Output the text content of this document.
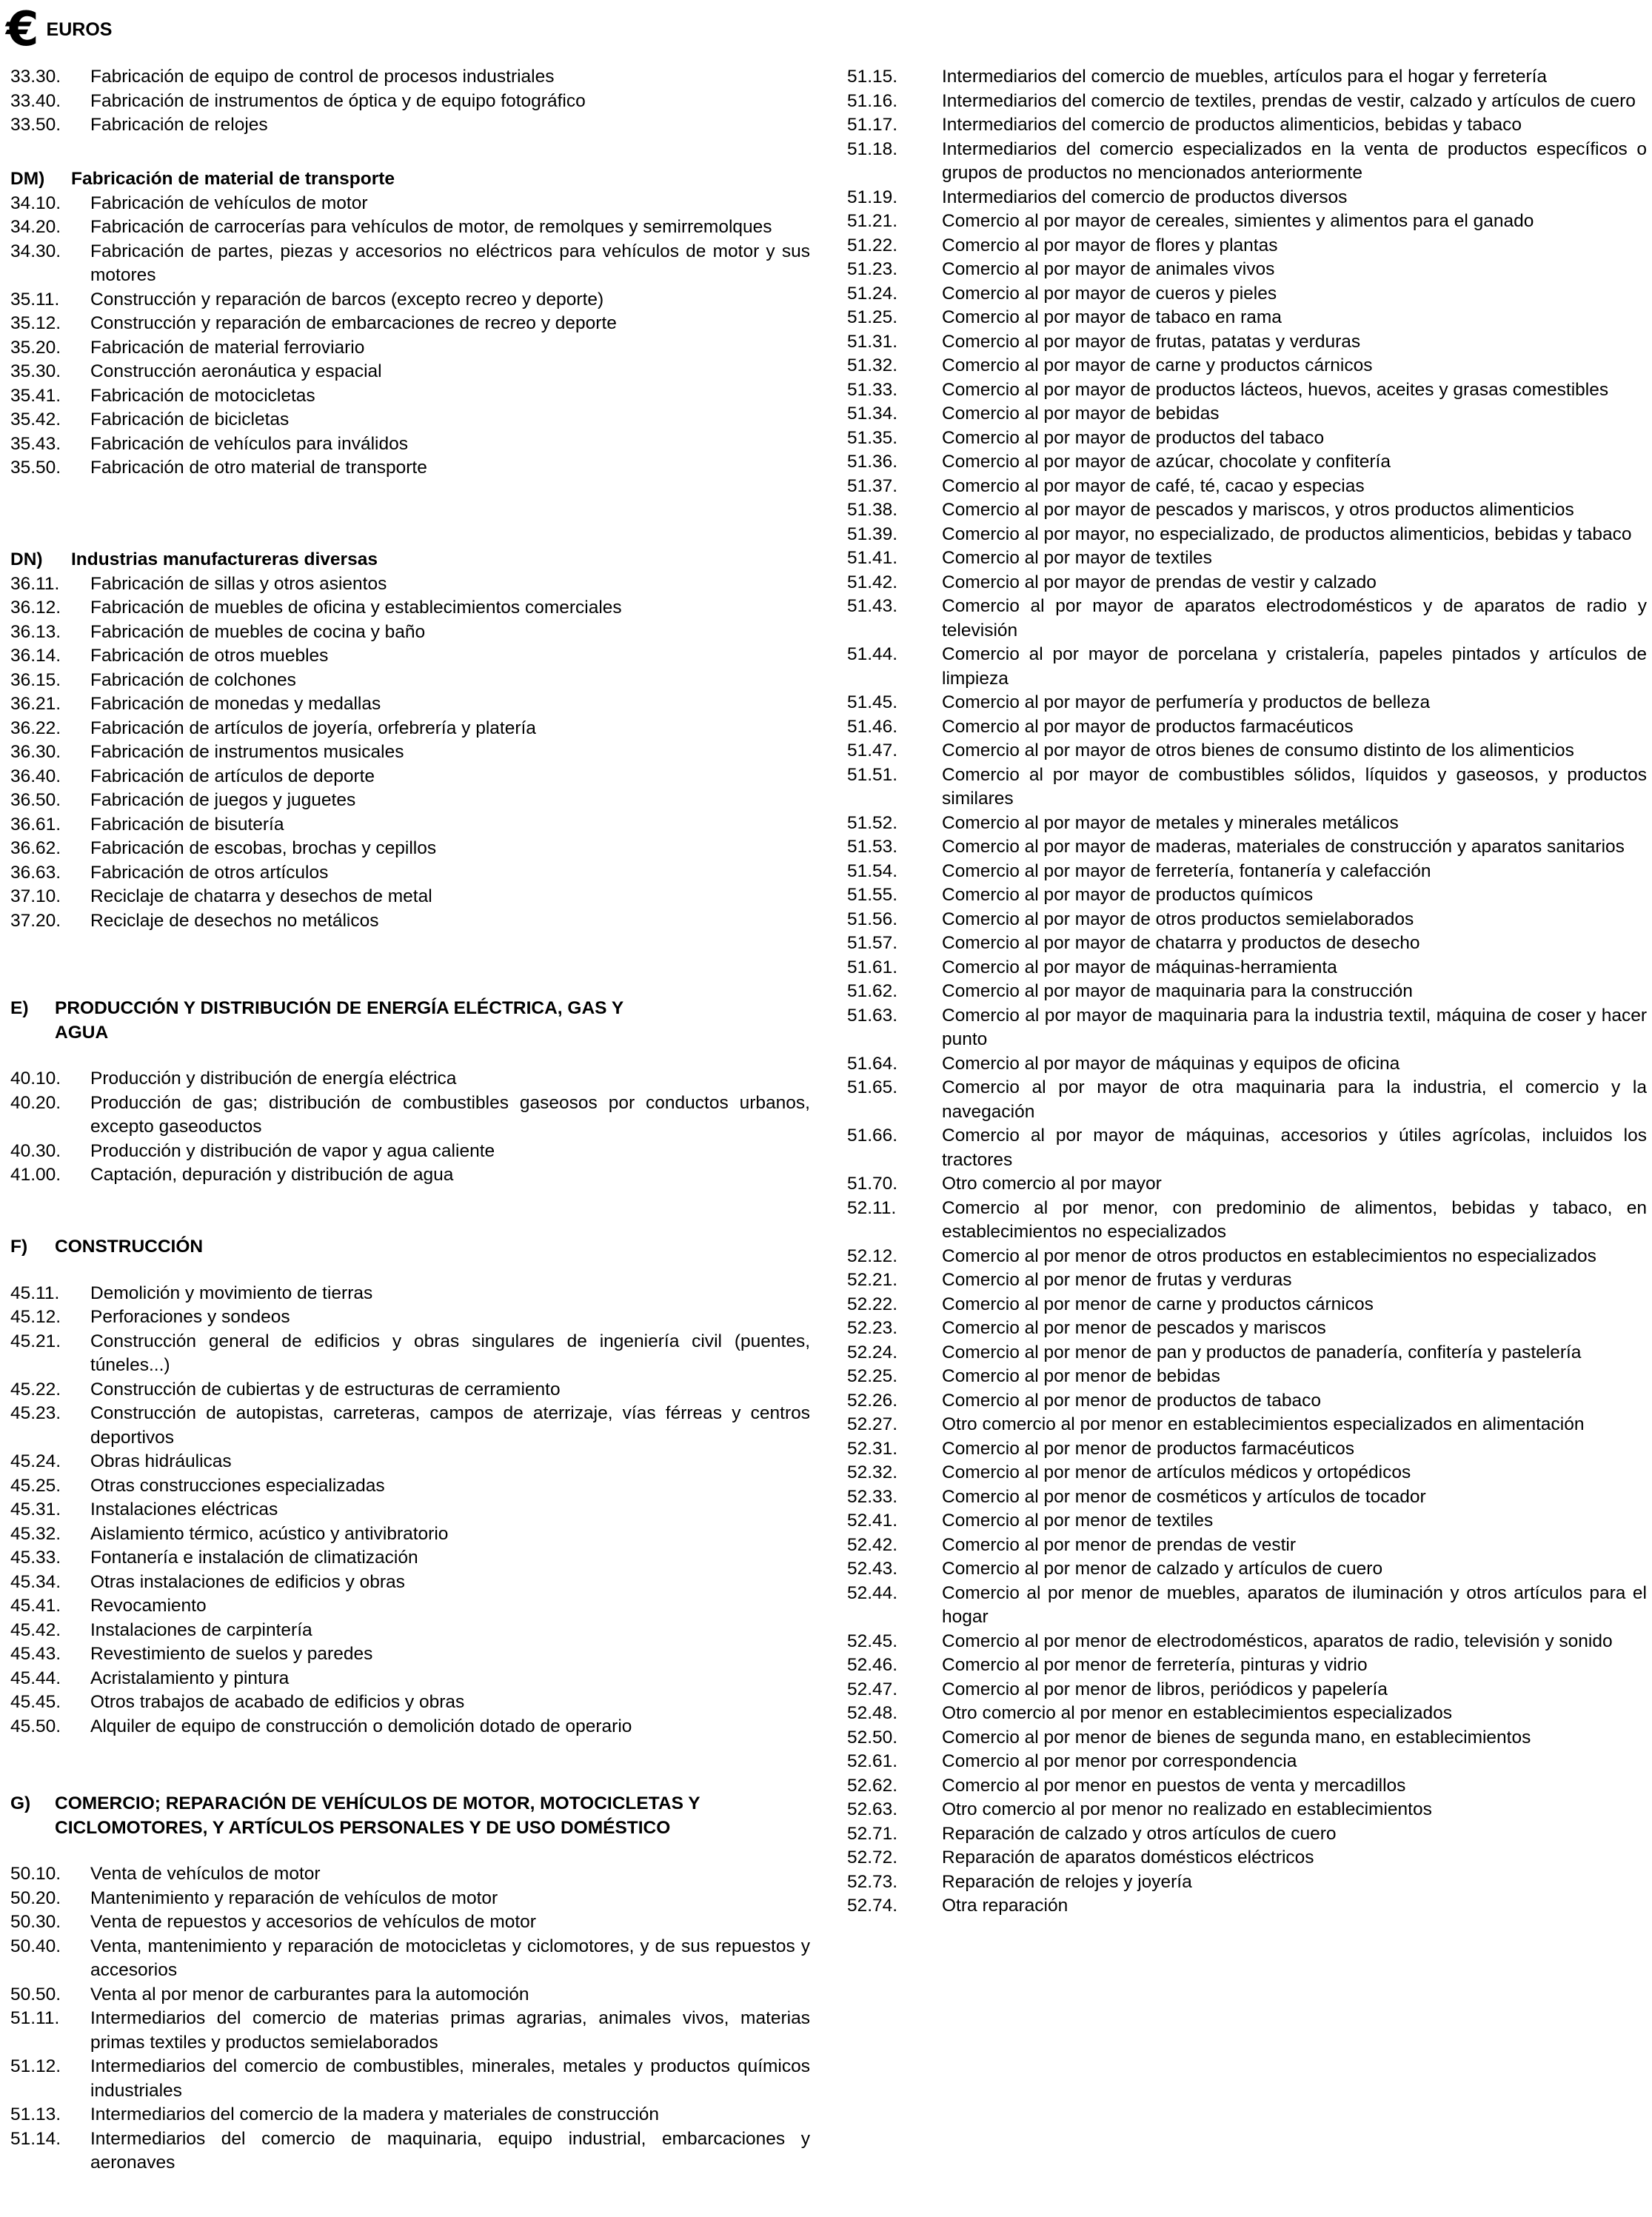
€ EUROS
33.30.	Fabricación de equipo de control de procesos industriales
33.40.	Fabricación de instrumentos de óptica y de equipo fotográfico
33.50.	Fabricación de relojes
DM)	Fabricación de material de transporte
34.10.	Fabricación de vehículos de motor
34.20.	Fabricación de carrocerías para vehículos de motor, de remolques y semirremolques
34.30.	Fabricación de partes, piezas y accesorios no eléctricos para vehículos de motor y sus motores
35.11.	Construcción y reparación de barcos (excepto recreo y deporte)
35.12.	Construcción y reparación de embarcaciones de recreo y deporte
35.20.	Fabricación de material ferroviario
35.30.	Construcción aeronáutica y espacial
35.41.	Fabricación de motocicletas
35.42.	Fabricación de bicicletas
35.43.	Fabricación de vehículos para inválidos
35.50.	Fabricación de otro material de transporte
DN)	Industrias manufactureras diversas
36.11.	Fabricación de sillas y otros asientos
36.12.	Fabricación de muebles de oficina y establecimientos comerciales
36.13.	Fabricación de muebles de cocina y baño
36.14.	Fabricación de otros muebles
36.15.	Fabricación de colchones
36.21.	Fabricación de monedas y medallas
36.22.	Fabricación de artículos de joyería, orfebrería y platería
36.30.	Fabricación de instrumentos musicales
36.40.	Fabricación de artículos de deporte
36.50.	Fabricación de juegos y juguetes
36.61.	Fabricación de bisutería
36.62.	Fabricación de escobas, brochas y cepillos
36.63.	Fabricación de otros artículos
37.10.	Reciclaje de chatarra y desechos de metal
37.20.	Reciclaje de desechos no metálicos
E)	PRODUCCIÓN Y DISTRIBUCIÓN DE ENERGÍA ELÉCTRICA, GAS Y AGUA
40.10.	Producción y distribución de energía eléctrica
40.20.	Producción de gas; distribución de combustibles gaseosos por conductos urbanos, excepto gaseoductos
40.30.	Producción y distribución de vapor y agua caliente
41.00.	Captación, depuración y distribución de agua
F)	CONSTRUCCIÓN
45.11.	Demolición y movimiento de tierras
45.12.	Perforaciones y sondeos
45.21.	Construcción general de edificios y obras singulares de ingeniería civil (puentes, túneles...)
45.22.	Construcción de cubiertas y de estructuras de cerramiento
45.23.	Construcción de autopistas, carreteras, campos de aterrizaje, vías férreas y centros deportivos
45.24.	Obras hidráulicas
45.25.	Otras construcciones especializadas
45.31.	Instalaciones eléctricas
45.32.	Aislamiento térmico, acústico y antivibratorio
45.33.	Fontanería e instalación de climatización
45.34.	Otras instalaciones de edificios y obras
45.41.	Revocamiento
45.42.	Instalaciones de carpintería
45.43.	Revestimiento de suelos y paredes
45.44.	Acristalamiento y pintura
45.45.	Otros trabajos de acabado de edificios y obras
45.50.	Alquiler de equipo de construcción o demolición dotado de operario
G)	COMERCIO; REPARACIÓN DE VEHÍCULOS DE MOTOR, MOTOCICLETAS Y CICLOMOTORES, Y ARTÍCULOS PERSONALES Y DE USO DOMÉSTICO
50.10.	Venta de vehículos de motor
50.20.	Mantenimiento y reparación de vehículos de motor
50.30.	Venta de repuestos y accesorios de vehículos de motor
50.40.	Venta, mantenimiento y reparación de motocicletas y ciclomotores, y de sus repuestos y accesorios
50.50.	Venta al por menor de carburantes para la automoción
51.11.	Intermediarios del comercio de materias primas agrarias, animales vivos, materias primas textiles y productos semielaborados
51.12.	Intermediarios del comercio de combustibles, minerales, metales y productos químicos industriales
51.13.	Intermediarios del comercio de la madera y materiales de construcción
51.14.	Intermediarios del comercio de maquinaria, equipo industrial, embarcaciones y aeronaves
51.15.	Intermediarios del comercio de muebles, artículos para el hogar y ferretería
51.16.	Intermediarios del comercio de textiles, prendas de vestir, calzado y artículos de cuero
51.17.	Intermediarios del comercio de productos alimenticios, bebidas y tabaco
51.18.	Intermediarios del comercio especializados en la venta de productos específicos o grupos de productos no mencionados anteriormente
51.19.	Intermediarios del comercio de productos diversos
51.21.	Comercio al por mayor de cereales, simientes y alimentos para el ganado
51.22.	Comercio al por mayor de flores y plantas
51.23.	Comercio al por mayor de animales vivos
51.24.	Comercio al por mayor de cueros y pieles
51.25.	Comercio al por mayor de tabaco en rama
51.31.	Comercio al por mayor de frutas, patatas y verduras
51.32.	Comercio al por mayor de carne y productos cárnicos
51.33.	Comercio al por mayor de productos lácteos, huevos, aceites y grasas comestibles
51.34.	Comercio al por mayor de bebidas
51.35.	Comercio al por mayor de productos del tabaco
51.36.	Comercio al por mayor de azúcar, chocolate y confitería
51.37.	Comercio al por mayor de café, té, cacao y especias
51.38.	Comercio al por mayor de pescados y mariscos, y otros productos alimenticios
51.39.	Comercio al por mayor, no especializado, de productos alimenticios, bebidas y tabaco
51.41.	Comercio al por mayor de textiles
51.42.	Comercio al por mayor de prendas de vestir y calzado
51.43.	Comercio al por mayor de aparatos electrodomésticos y de aparatos de radio y televisión
51.44.	Comercio al por mayor de porcelana y cristalería, papeles pintados y artículos de limpieza
51.45.	Comercio al por mayor de perfumería y productos de belleza
51.46.	Comercio al por mayor de productos farmacéuticos
51.47.	Comercio al por mayor de otros bienes de consumo distinto de los alimenticios
51.51.	Comercio al por mayor de combustibles sólidos, líquidos y gaseosos, y productos similares
51.52.	Comercio al por mayor de metales y minerales metálicos
51.53.	Comercio al por mayor de maderas, materiales de construcción y aparatos sanitarios
51.54.	Comercio al por mayor de ferretería, fontanería y calefacción
51.55.	Comercio al por mayor de productos químicos
51.56.	Comercio al por mayor de otros productos semielaborados
51.57.	Comercio al por mayor de chatarra y productos de desecho
51.61.	Comercio al por mayor de máquinas-herramienta
51.62.	Comercio al por mayor de maquinaria para la construcción
51.63.	Comercio al por mayor de maquinaria para la industria textil, máquina de coser y hacer punto
51.64.	Comercio al por mayor de máquinas y equipos de oficina
51.65.	Comercio al por mayor de otra maquinaria para la industria, el comercio y la navegación
51.66.	Comercio al por mayor de máquinas, accesorios y útiles agrícolas, incluidos los tractores
51.70.	Otro comercio al por mayor
52.11.	Comercio al por menor, con predominio de alimentos, bebidas y tabaco, en establecimientos no especializados
52.12.	Comercio al por menor de otros productos en establecimientos no especializados
52.21.	Comercio al por menor de frutas y verduras
52.22.	Comercio al por menor de carne y productos cárnicos
52.23.	Comercio al por menor de pescados y mariscos
52.24.	Comercio al por menor de pan y productos de panadería, confitería y pastelería
52.25.	Comercio al por menor de bebidas
52.26.	Comercio al por menor de productos de tabaco
52.27.	Otro comercio al por menor en establecimientos especializados en alimentación
52.31.	Comercio al por menor de productos farmacéuticos
52.32.	Comercio al por menor de artículos médicos y ortopédicos
52.33.	Comercio al por menor de cosméticos y artículos de tocador
52.41.	Comercio al por menor de textiles
52.42.	Comercio al por menor de prendas de vestir
52.43.	Comercio al por menor de calzado y artículos de cuero
52.44.	Comercio al por menor de muebles, aparatos de iluminación y otros artículos para el hogar
52.45.	Comercio al por menor de electrodomésticos, aparatos de radio, televisión y sonido
52.46.	Comercio al por menor de ferretería, pinturas y vidrio
52.47.	Comercio al por menor de libros, periódicos y papelería
52.48.	Otro comercio al por menor en establecimientos especializados
52.50.	Comercio al por menor de bienes de segunda mano, en establecimientos
52.61.	Comercio al por menor por correspondencia
52.62.	Comercio al por menor en puestos de venta y mercadillos
52.63.	Otro comercio al por menor no realizado en establecimientos
52.71.	Reparación de calzado y otros artículos de cuero
52.72.	Reparación de aparatos domésticos eléctricos
52.73.	Reparación de relojes y joyería
52.74.	Otra reparación
